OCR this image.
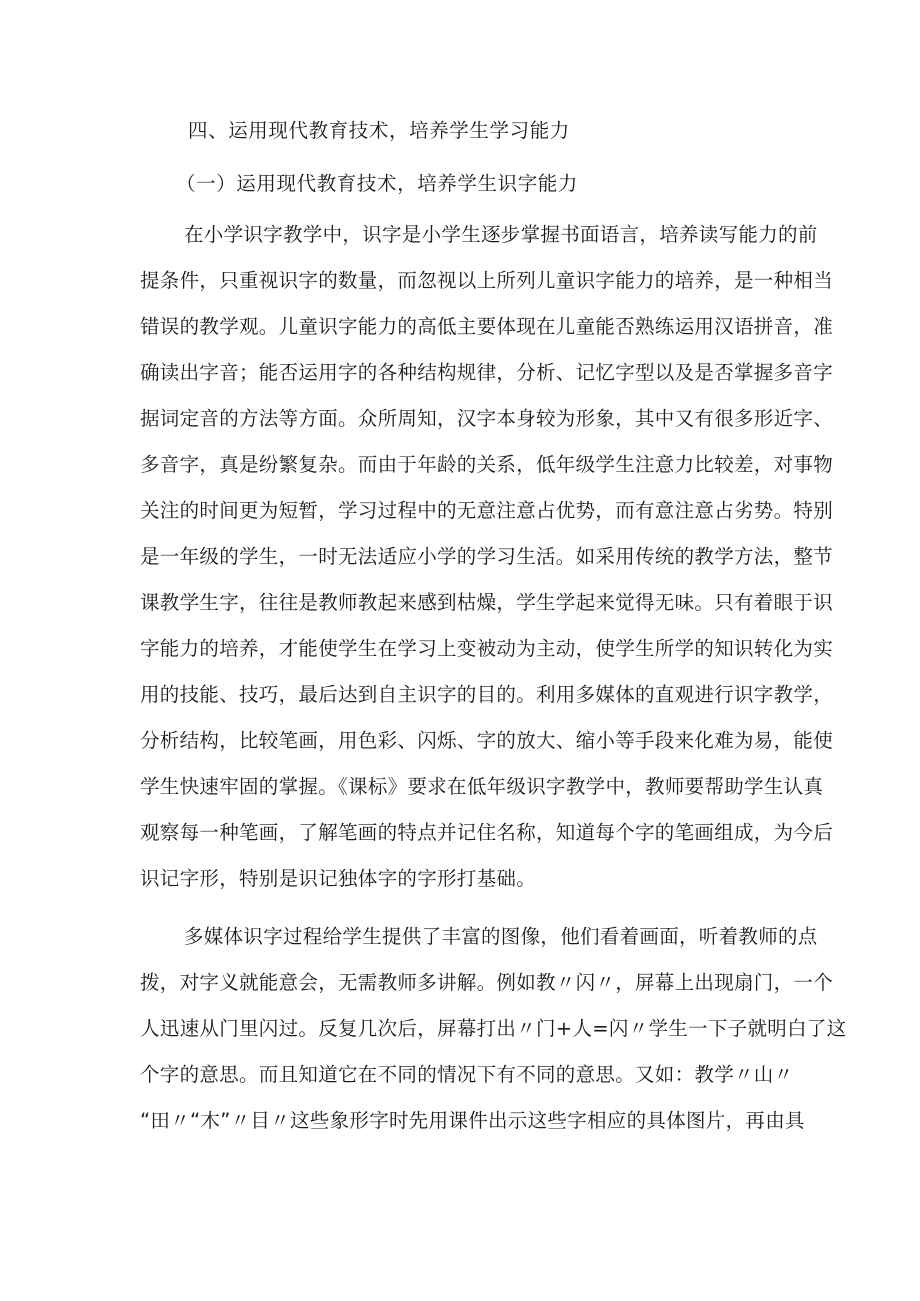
四、运用现代教育技术，培养学生学习能力
（一）运用现代教育技术，培养学生识字能力
在小学识字教学中，识字是小学生逐步掌握书面语言，培养读写能力的前
提条件，只重视识字的数量，而忽视以上所列儿童识字能力的培养，是一种相当
错误的教学观。儿童识字能力的高低主要体现在儿童能否熟练运用汉语拼音，准
确读出字音；能否运用字的各种结构规律，分析、记忆字型以及是否掌握多音字
据词定音的方法等方面。众所周知，汉字本身较为形象，其中又有很多形近字、
多音字，真是纷繁复杂。而由于年龄的关系，低年级学生注意力比较差，对事物
关注的时间更为短暂，学习过程中的无意注意占优势，而有意注意占劣势。特别
是一年级的学生，一时无法适应小学的学习生活。如采用传统的教学方法，整节
课教学生字，往往是教师教起来感到枯燥，学生学起来觉得无味。只有着眼于识
字能力的培养，才能使学生在学习上变被动为主动，使学生所学的知识转化为实
用的技能、技巧，最后达到自主识字的目的。利用多媒体的直观进行识字教学，
分析结构，比较笔画，用色彩、闪烁、字的放大、缩小等手段来化难为易，能使
学生快速牢固的掌握。《课标》要求在低年级识字教学中，教师要帮助学生认真
观察每一种笔画，了解笔画的特点并记住名称，知道每个字的笔画组成，为今后
识记字形，特别是识记独体字的字形打基础。
多媒体识字过程给学生提供了丰富的图像，他们看着画面，听着教师的点
拨，对字义就能意会，无需教师多讲解。例如教〃闪〃，屏幕上出现扇门，一个
人迅速从门里闪过。反复几次后，屏幕打出〃门+人=闪〃学生一下子就明白了这
个字的意思。而且知道它在不同的情况下有不同的意思。又如：教学〃山〃
“田〃“木”〃目〃这些象形字时先用课件出示这些字相应的具体图片，再由具
